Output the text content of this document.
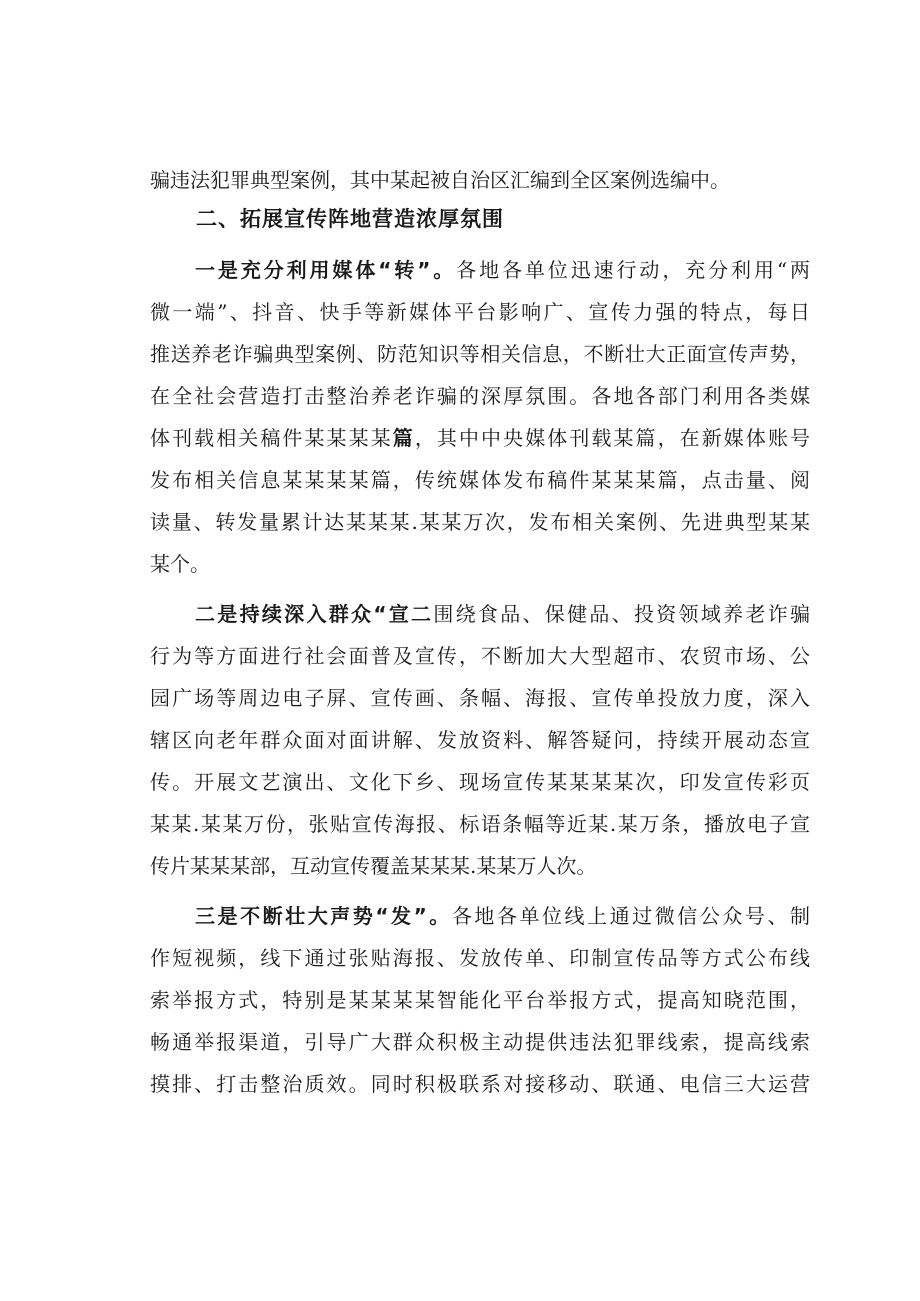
骗违法犯罪典型案例，其中某起被自治区汇编到全区案例选编中。
二、拓展宣传阵地营造浓厚氛围
一是充分利用媒体“转”。各地各单位迅速行动，充分利用“两
微一端”、抖音、快手等新媒体平台影响广、宣传力强的特点，每日
推送养老诈骗典型案例、防范知识等相关信息，不断壮大正面宣传声势，
在全社会营造打击整治养老诈骗的深厚氛围。各地各部门利用各类媒
体刊载相关稿件某某某某篇，其中中央媒体刊载某篇，在新媒体账号
发布相关信息某某某某篇，传统媒体发布稿件某某某篇，点击量、阅
读量、转发量累计达某某某.某某万次，发布相关案例、先进典型某某
某个。
二是持续深入群众“宣二围绕食品、保健品、投资领域养老诈骗
行为等方面进行社会面普及宣传，不断加大大型超市、农贸市场、公
园广场等周边电子屏、宣传画、条幅、海报、宣传单投放力度，深入
辖区向老年群众面对面讲解、发放资料、解答疑问，持续开展动态宣
传。开展文艺演出、文化下乡、现场宣传某某某某次，印发宣传彩页
某某.某某万份，张贴宣传海报、标语条幅等近某.某万条，播放电子宣
传片某某某部，互动宣传覆盖某某某.某某万人次。
三是不断壮大声势“发”。各地各单位线上通过微信公众号、制
作短视频，线下通过张贴海报、发放传单、印制宣传品等方式公布线
索举报方式，特别是某某某某智能化平台举报方式，提高知晓范围，
畅通举报渠道，引导广大群众积极主动提供违法犯罪线索，提高线索
摸排、打击整治质效。同时积极联系对接移动、联通、电信三大运营
